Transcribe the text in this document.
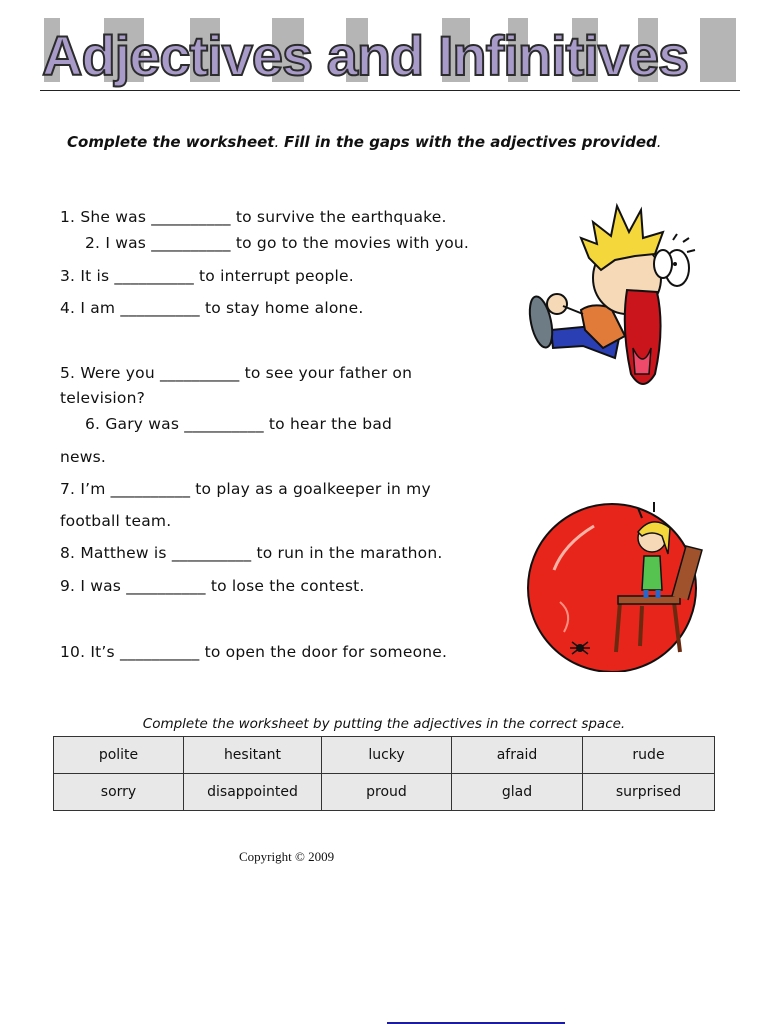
Adjectives and Infinitives
Complete the worksheet. Fill in the gaps with the adjectives provided.
1. She was __________ to survive the earthquake.
2. I was __________ to go to the movies with you.
3. It is __________ to interrupt people.
4. I am __________ to stay home alone.
5. Were you __________ to see your father on
television?
6. Gary was __________ to hear the bad
news.
7. I’m __________ to play as a goalkeeper in my
football team.
8. Matthew is __________ to run in the marathon.
9. I was __________ to lose the contest.
10. It’s __________ to open the door for someone.
Complete the worksheet by putting the adjectives in the correct space.
polite	hesitant	lucky	afraid	rude
sorry	disappointed	proud	glad	surprised
Copyright © 2009
